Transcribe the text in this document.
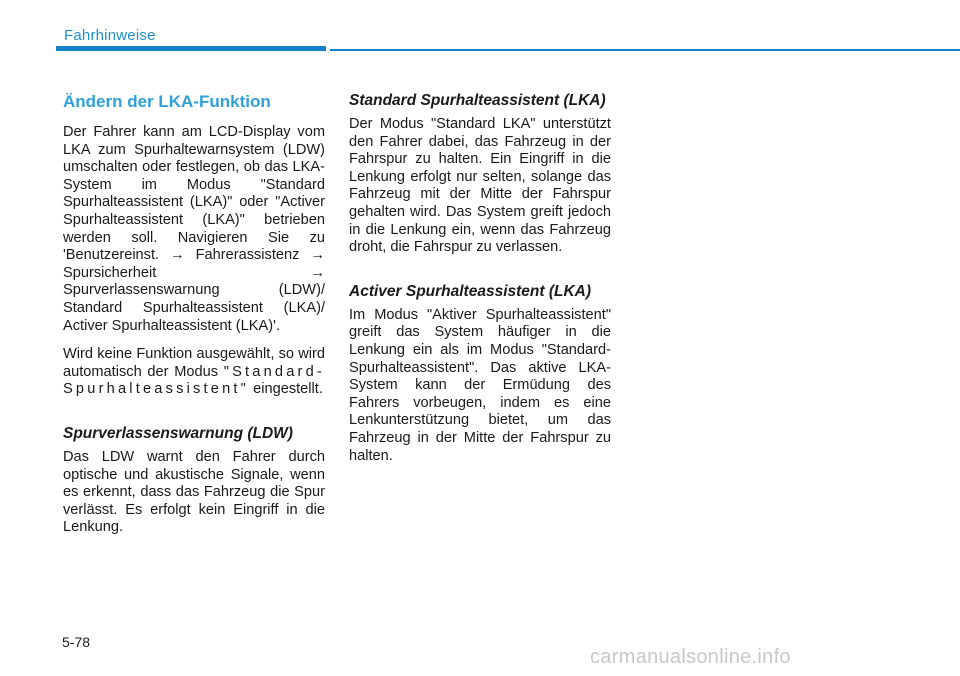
Fahrhinweise
Ändern der LKA-Funktion

Der Fahrer kann am LCD-Display vom LKA zum Spurhaltewarnsystem (LDW) umschalten oder festlegen, ob das LKA-System im Modus "Standard Spurhalteassistent (LKA)" oder "Activer Spurhalteassistent (LKA)" betrieben werden soll. Navigieren Sie zu 'Benutzereinst. → Fahrerassistenz → Spursicherheit → Spurverlassenswarnung (LDW)/ Standard Spurhalteassistent (LKA)/ Activer Spurhalteassistent (LKA)'.

Wird keine Funktion ausgewählt, so wird automatisch der Modus "Standard-Spurhalteassistent" eingestellt.

Spurverlassenswarnung (LDW)

Das LDW warnt den Fahrer durch optische und akustische Signale, wenn es erkennt, dass das Fahrzeug die Spur verlässt. Es erfolgt kein Eingriff in die Lenkung.

Standard Spurhalteassistent (LKA)

Der Modus "Standard LKA" unterstützt den Fahrer dabei, das Fahrzeug in der Fahrspur zu halten. Ein Eingriff in die Lenkung erfolgt nur selten, solange das Fahrzeug mit der Mitte der Fahrspur gehalten wird. Das System greift jedoch in die Lenkung ein, wenn das Fahrzeug droht, die Fahrspur zu verlassen.

Activer Spurhalteassistent (LKA)

Im Modus "Aktiver Spurhalteassistent" greift das System häufiger in die Lenkung ein als im Modus "Standard-Spurhalteassistent". Das aktive LKA-System kann der Ermüdung des Fahrers vorbeugen, indem es eine Lenkunterstützung bietet, um das Fahrzeug in der Mitte der Fahrspur zu halten.

5-78
carmanualsonline.info
